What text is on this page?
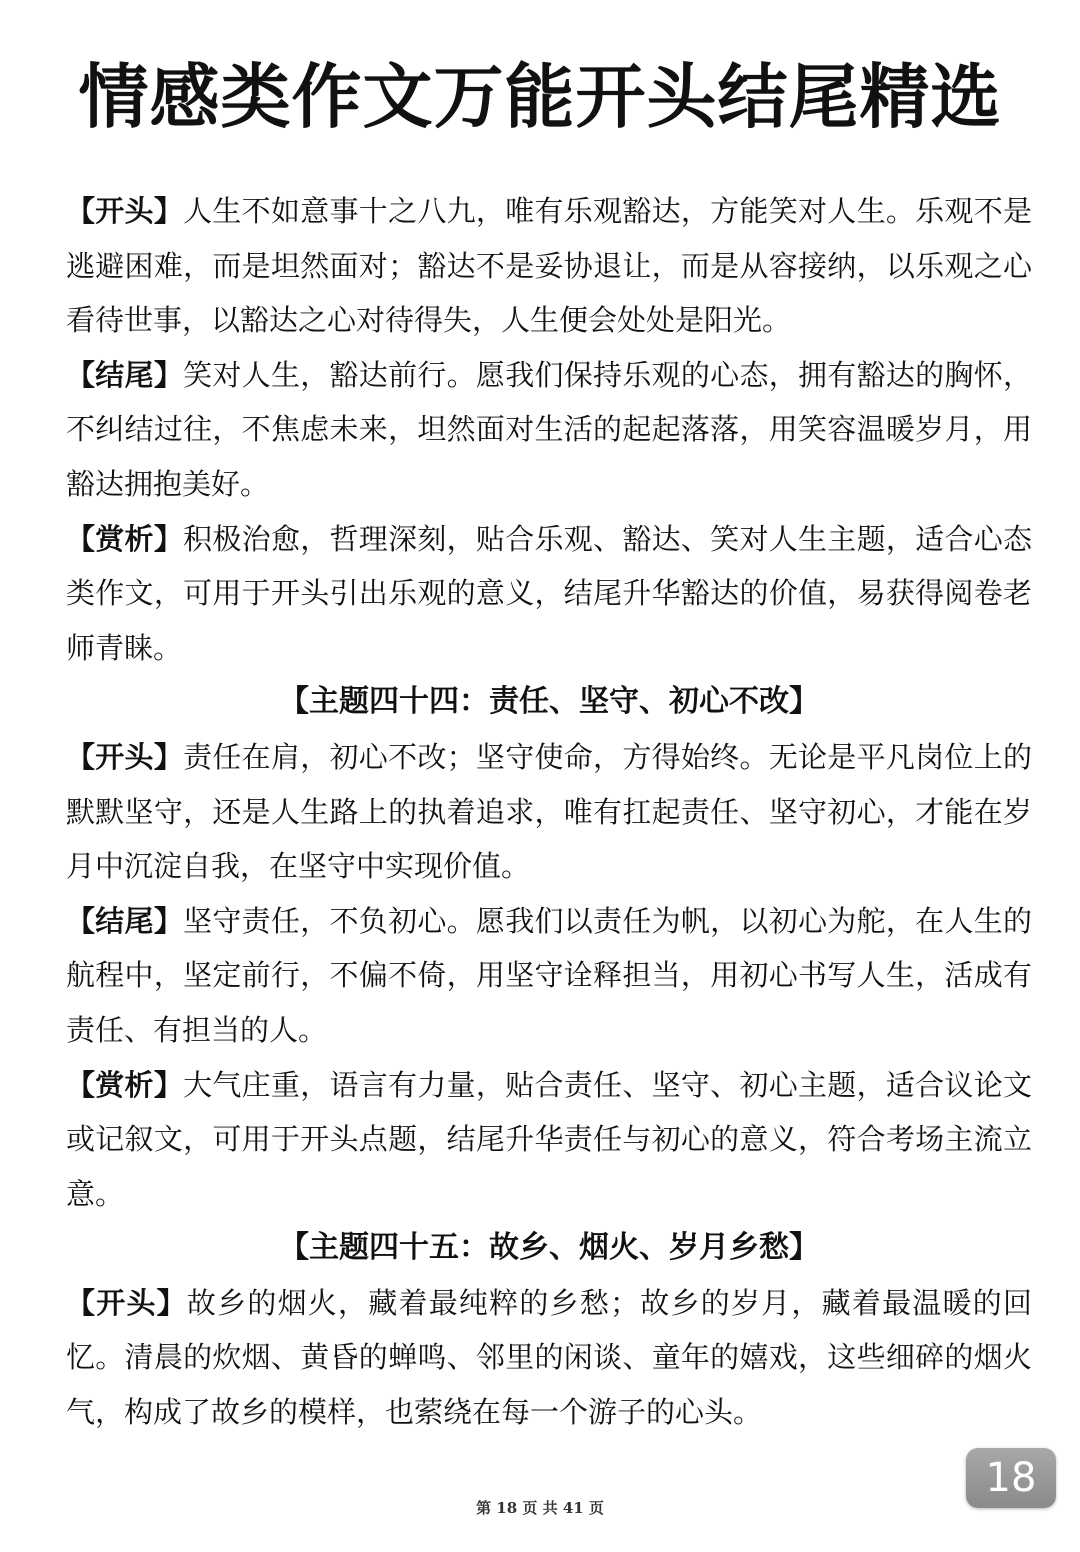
情感类作文万能开头结尾精选

【开头】人生不如意事十之八九，唯有乐观豁达，方能笑对人生。乐观不是逃避困难，而是坦然面对；豁达不是妥协退让，而是从容接纳，以乐观之心看待世事，以豁达之心对待得失，人生便会处处是阳光。

【结尾】笑对人生，豁达前行。愿我们保持乐观的心态，拥有豁达的胸怀，不纠结过往，不焦虑未来，坦然面对生活的起起落落，用笑容温暖岁月，用豁达拥抱美好。

【赏析】积极治愈，哲理深刻，贴合乐观、豁达、笑对人生主题，适合心态类作文，可用于开头引出乐观的意义，结尾升华豁达的价值，易获得阅卷老师青睐。

【主题四十四：责任、坚守、初心不改】

【开头】责任在肩，初心不改；坚守使命，方得始终。无论是平凡岗位上的默默坚守，还是人生路上的执着追求，唯有扛起责任、坚守初心，才能在岁月中沉淀自我，在坚守中实现价值。

【结尾】坚守责任，不负初心。愿我们以责任为帆，以初心为舵，在人生的航程中，坚定前行，不偏不倚，用坚守诠释担当，用初心书写人生，活成有责任、有担当的人。

【赏析】大气庄重，语言有力量，贴合责任、坚守、初心主题，适合议论文或记叙文，可用于开头点题，结尾升华责任与初心的意义，符合考场主流立意。

【主题四十五：故乡、烟火、岁月乡愁】

【开头】故乡的烟火，藏着最纯粹的乡愁；故乡的岁月，藏着最温暖的回忆。清晨的炊烟、黄昏的蝉鸣、邻里的闲谈、童年的嬉戏，这些细碎的烟火气，构成了故乡的模样，也萦绕在每一个游子的心头。

18
第 18 页 共 41 页
